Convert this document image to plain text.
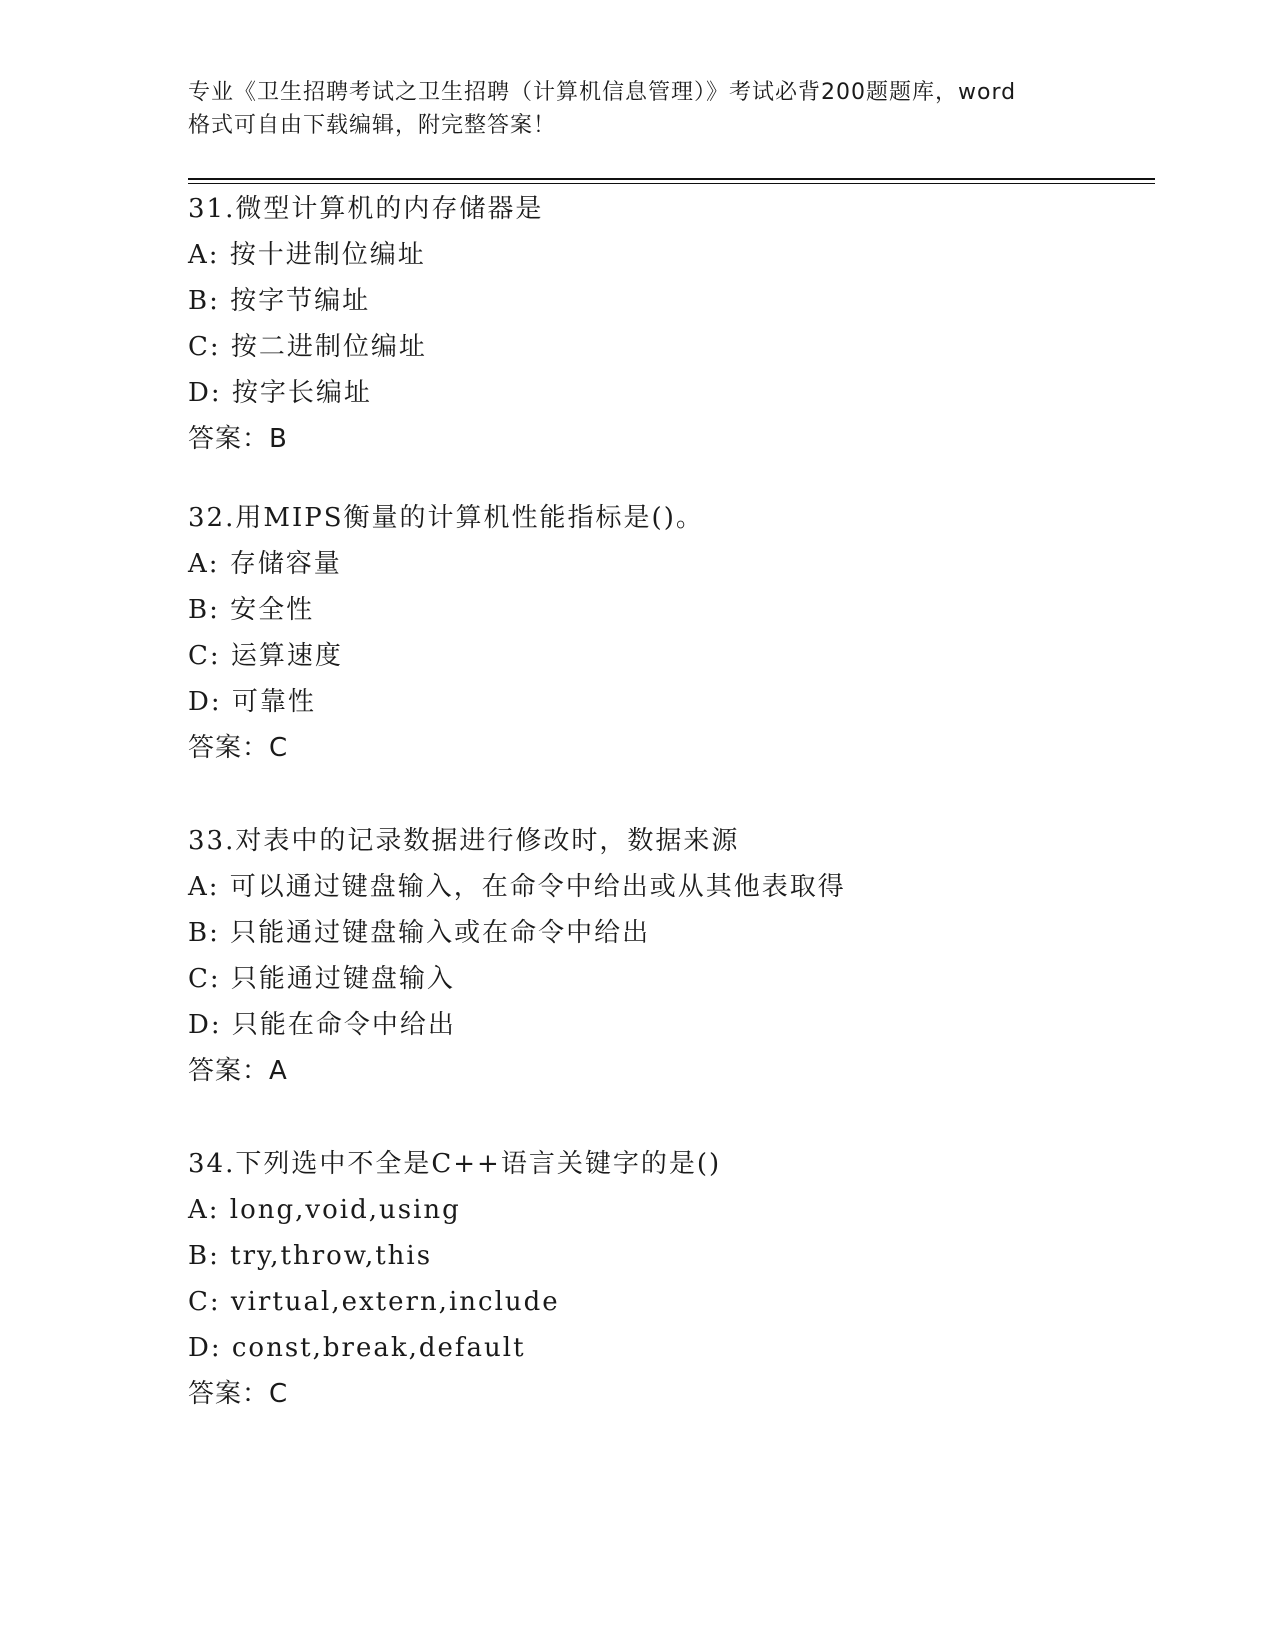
专业《卫生招聘考试之卫生招聘（计算机信息管理）》考试必背200题题库，word
格式可自由下载编辑，附完整答案！
31.微型计算机的内存储器是
A: 按十进制位编址
B: 按字节编址
C: 按二进制位编址
D: 按字长编址
答案：B
32.用MIPS衡量的计算机性能指标是()。
A: 存储容量
B: 安全性
C: 运算速度
D: 可靠性
答案：C
33.对表中的记录数据进行修改时，数据来源
A: 可以通过键盘输入，在命令中给出或从其他表取得
B: 只能通过键盘输入或在命令中给出
C: 只能通过键盘输入
D: 只能在命令中给出
答案：A
34.下列选中不全是C++语言关键字的是()
A: long,void,using
B: try,throw,this
C: virtual,extern,include
D: const,break,default
答案：C
